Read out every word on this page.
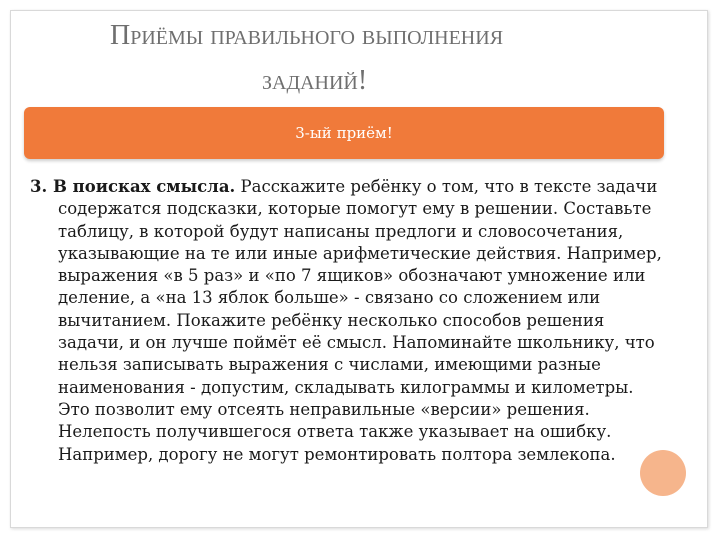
Приёмы правильного выполнения
заданий!
3-ый приём!

3. В поисках смысла. Расскажите ребёнку о том, что в тексте задачи содержатся подсказки, которые помогут ему в решении. Составьте таблицу, в которой будут написаны предлоги и словосочетания, указывающие на те или иные арифметические действия. Например, выражения «в 5 раз» и «по 7 ящиков» обозначают умножение или деление, а «на 13 яблок больше» - связано со сложением или вычитанием. Покажите ребёнку несколько способов решения задачи, и он лучше поймёт её смысл. Напоминайте школьнику, что нельзя записывать выражения с числами, имеющими разные наименования - допустим, складывать килограммы и километры. Это позволит ему отсеять неправильные «версии» решения. Нелепость получившегося ответа также указывает на ошибку. Например, дорогу не могут ремонтировать полтора землекопа.
